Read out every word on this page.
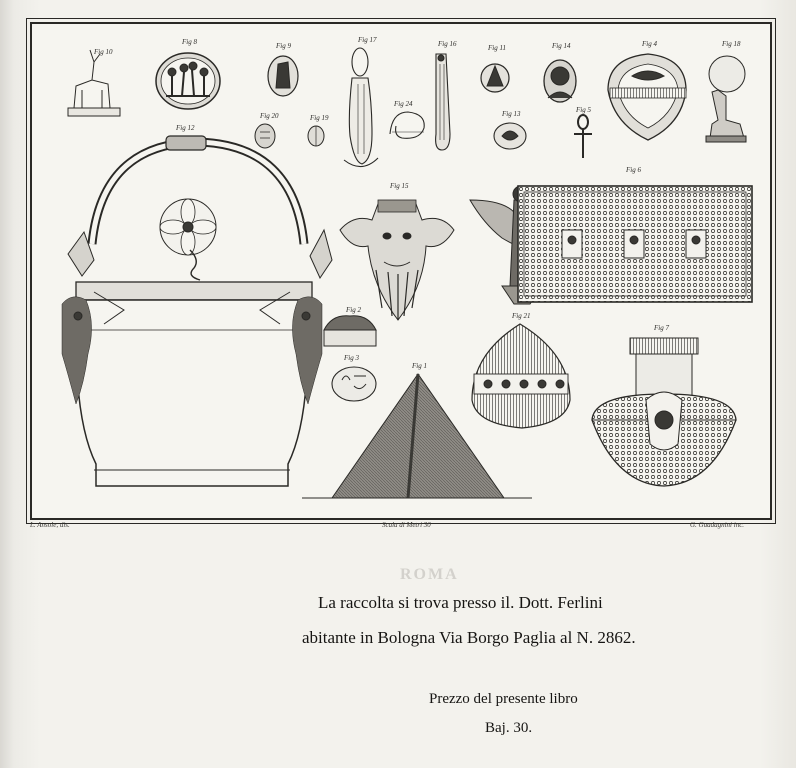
ROMA
Fig 10
Fig 8	Fig 9
Fig 17	Fig 16	Fig 11	Fig 14	Fig 4	Fig 18
Fig 20	Fig 19
Fig 24
Fig 13	Fig 5
Fig 12
Fig 15
Fig 6
Fig 2
Fig 21
Fig 3
Fig 1
Fig 7
L. Ansole, dis.	Scala di Metri 30	G. Guadagnini inc.
La raccolta si trova presso il. Dott. Ferlini
abitante in Bologna Via Borgo Paglia al N. 2862.
Prezzo del presente libro
Baj. 30.
